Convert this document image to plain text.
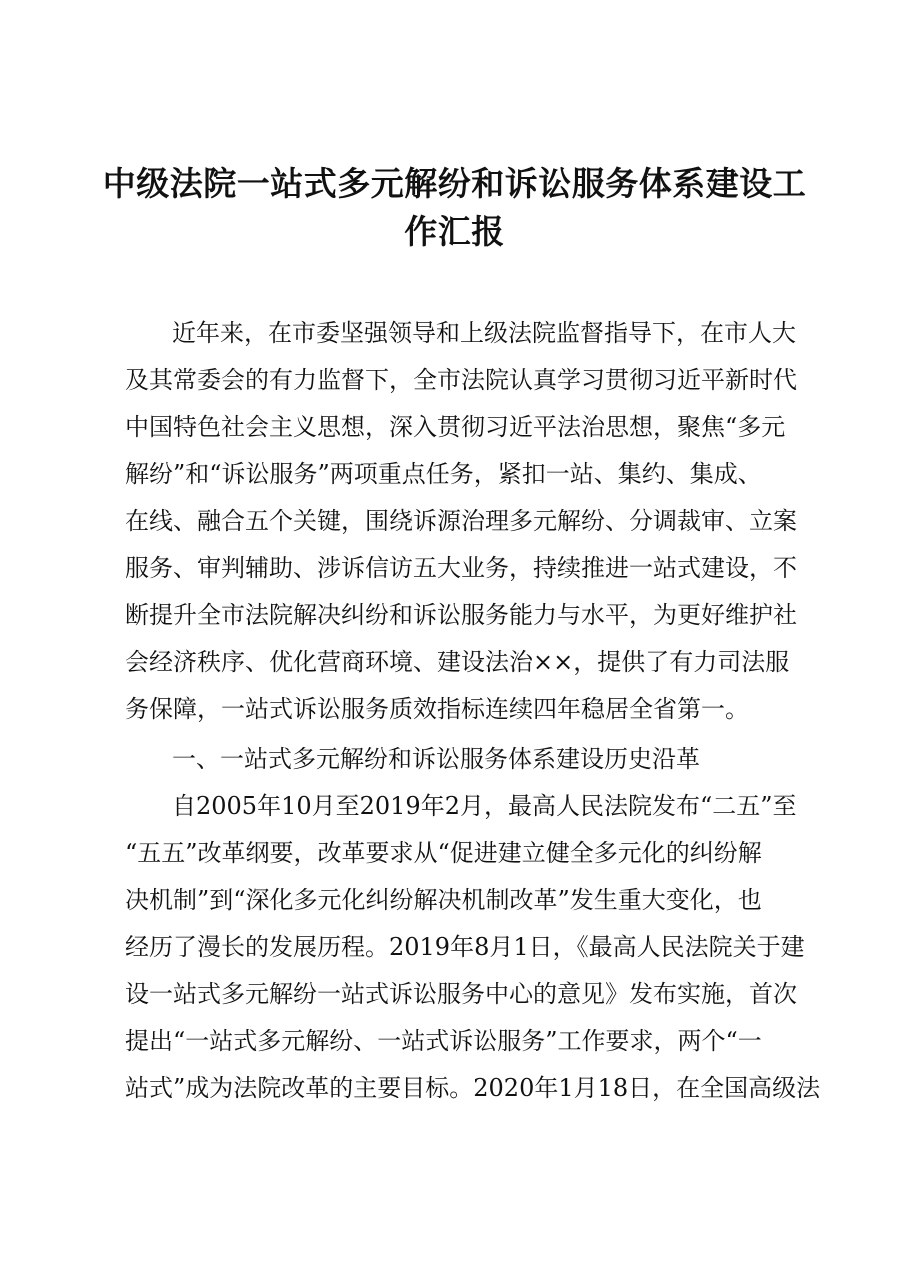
中级法院一站式多元解纷和诉讼服务体系建设工
作汇报

近年来，在市委坚强领导和上级法院监督指导下，在市人大

及其常委会的有力监督下，全市法院认真学习贯彻习近平新时代

中国特色社会主义思想，深入贯彻习近平法治思想，聚焦“多元

解纷”和“诉讼服务”两项重点任务，紧扣一站、集约、集成、

在线、融合五个关键，围绕诉源治理多元解纷、分调裁审、立案

服务、审判辅助、涉诉信访五大业务，持续推进一站式建设，不

断提升全市法院解决纠纷和诉讼服务能力与水平，为更好维护社

会经济秩序、优化营商环境、建设法治××，提供了有力司法服

务保障，一站式诉讼服务质效指标连续四年稳居全省第一。

一、一站式多元解纷和诉讼服务体系建设历史沿革

自2005年10月至2019年2月，最高人民法院发布“二五”至

“五五”改革纲要，改革要求从“促进建立健全多元化的纠纷解

决机制”到“深化多元化纠纷解决机制改革”发生重大变化，也

经历了漫长的发展历程。2019年8月1日，《最高人民法院关于建

设一站式多元解纷一站式诉讼服务中心的意见》发布实施，首次

提出“一站式多元解纷、一站式诉讼服务”工作要求，两个“一

站式”成为法院改革的主要目标。2020年1月18日，在全国高级法
